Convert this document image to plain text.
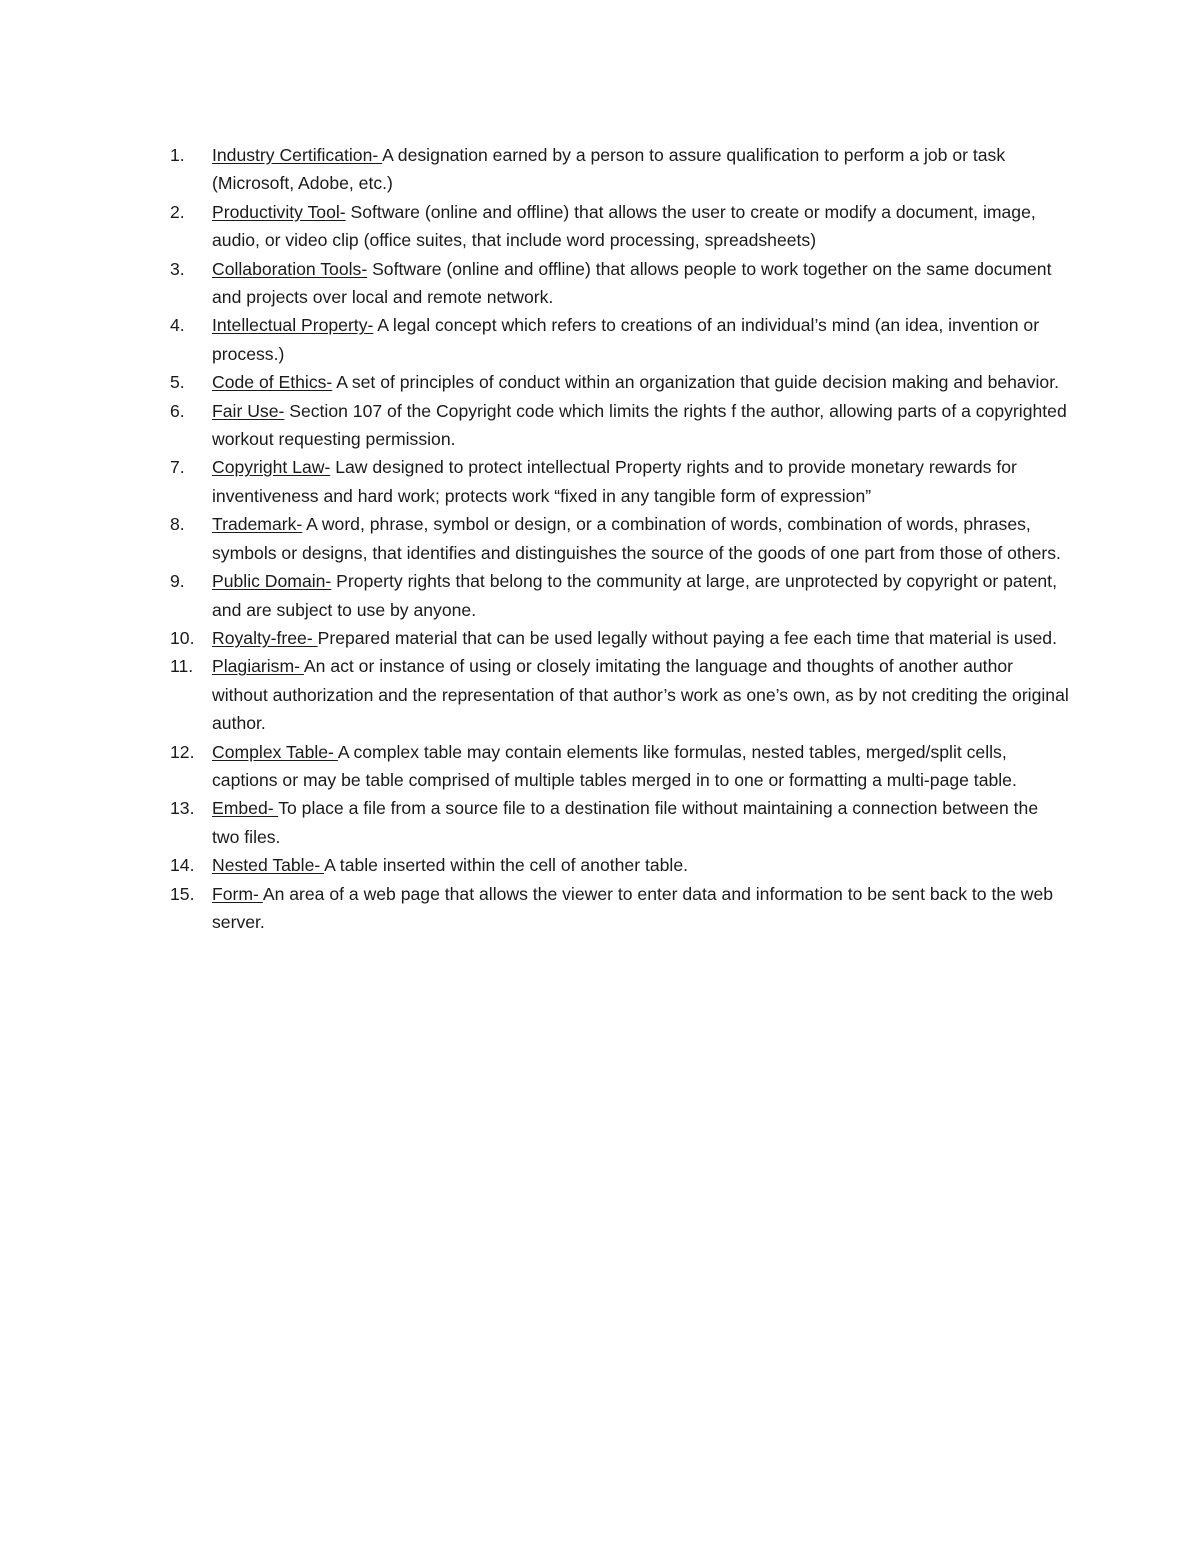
1.	Industry Certification- A designation earned by a person to assure qualification to perform a job or task (Microsoft, Adobe, etc.)
2.	Productivity Tool- Software (online and offline) that allows the user to create or modify a document, image, audio, or video clip (office suites, that include word processing, spreadsheets)
3.	Collaboration Tools- Software (online and offline) that allows people to work together on the same document and projects over local and remote network.
4.	Intellectual Property- A legal concept which refers to creations of an individual’s mind (an idea, invention or process.)
5.	Code of Ethics- A set of principles of conduct within an organization that guide decision making and behavior.
6.	Fair Use- Section 107 of the Copyright code which limits the rights f the author, allowing parts of a copyrighted workout requesting permission.
7.	Copyright Law- Law designed to protect intellectual Property rights and to provide monetary rewards for inventiveness and hard work; protects work “fixed in any tangible form of expression”
8.	Trademark- A word, phrase, symbol or design, or a combination of words, combination of words, phrases, symbols or designs, that identifies and distinguishes the source of the goods of one part from those of others.
9.	Public Domain- Property rights that belong to the community at large, are unprotected by copyright or patent, and are subject to use by anyone.
10. Royalty-free- Prepared material that can be used legally without paying a fee each time that material is used.
11.	Plagiarism- An act or instance of using or closely imitating the language and thoughts of another author without authorization and the representation of that author’s work as one’s own, as by not crediting the original author.
12. Complex Table- A complex table may contain elements like formulas, nested tables, merged/split cells, captions or may be table comprised of multiple tables merged in to one or formatting a multi-page table.
13. Embed- To place a file from a source file to a destination file without maintaining a connection between the two files.
14. Nested Table- A table inserted within the cell of another table.
15. Form- An area of a web page that allows the viewer to enter data and information to be sent back to the web server.
